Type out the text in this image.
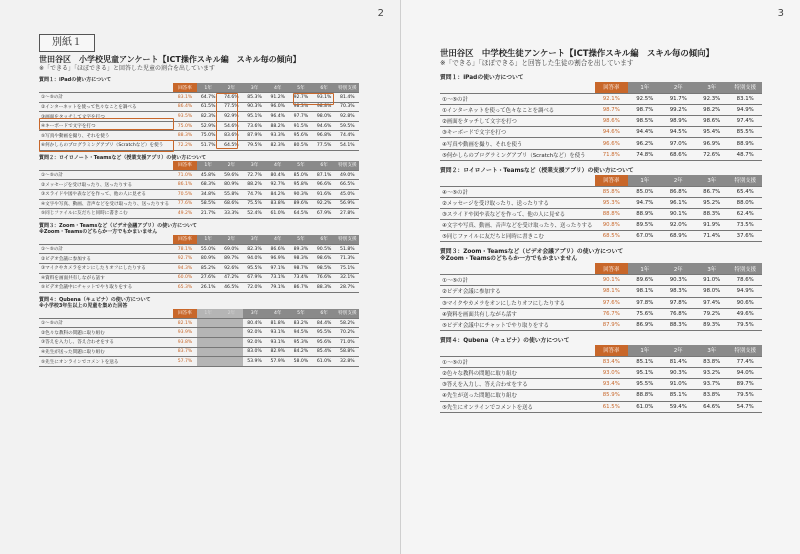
2
別紙１
世田谷区　小学校児童アンケート【ICT操作スキル編　スキル毎の傾向】
※「できる」「ほぼできる」と回答した児童の割合を出しています
質問１：iPadの使い方について
	回答率	1年	2年	3年	4年	5年	6年	特別支援
①～⑤の計	83.1%	64.7%	74.6%	85.3%	91.2%	92.7%	93.1%	81.4%
②インターネットを使って色々なことを調べる	86.4%	61.5%	77.5%	90.3%	96.0%	98.3%	98.8%	70.3%
③画面をタッチして文字を打つ	93.5%	82.3%	92.9%	95.1%	96.4%	97.7%	98.0%	92.8%
④キーボードで文字を打つ	75.0%	52.9%	54.6%	73.6%	88.2%	91.5%	94.6%	59.5%
⑤写真や動画を撮り、それを使う	88.3%	75.0%	83.6%	87.9%	93.3%	95.6%	96.8%	74.4%
⑥何かしらのプログラミングアプリ（Scratchなど）を使う	72.2%	51.7%	64.5%	79.5%	82.3%	80.5%	77.5%	54.1%
質問２：ロイロノート・Teamsなど（授業支援アプリ）の使い方について
	回答率	1年	2年	3年	4年	5年	6年	特別支援
①～⑤の計	71.0%	45.8%	59.6%	72.7%	80.4%	85.0%	87.1%	49.0%
②メッセージを受け取ったり、送ったりする	86.1%	68.3%	80.9%	88.2%	92.7%	95.8%	96.6%	66.5%
③スライドや図や表などを作って、他の人に見せる	70.5%	34.8%	55.8%	74.7%	84.2%	90.3%	91.6%	45.0%
④文字や写真、動画、音声などを受け取ったり、送ったりする	77.6%	58.5%	68.6%	75.5%	83.8%	89.6%	92.2%	56.9%
⑤同じファイルに友だちと同時に書きこむ	49.2%	21.7%	33.3%	52.4%	61.0%	64.5%	67.9%	27.8%
質問３：Zoom・Teamsなど（ビデオ会議アプリ）の使い方について
※Zoom・Teamsのどちらか一方でもかまいません
	回答率	1年	2年	3年	4年	5年	6年	特別支援
①～⑤の計	78.1%	55.0%	69.0%	82.3%	86.6%	89.3%	90.5%	51.8%
②ビデオ会議に参加する	92.7%	80.9%	89.7%	94.0%	96.9%	98.3%	98.6%	71.3%
③マイクやカメラをオンにしたりオフにしたりする	94.3%	85.2%	92.6%	95.5%	97.1%	98.7%	98.5%	75.1%
④資料を画面共有しながら話す	60.0%	27.6%	47.2%	67.9%	73.1%	73.4%	76.6%	32.1%
⑤ビデオ会議中にチャットでやり取りをする	65.3%	26.1%	46.5%	72.0%	79.1%	86.7%	88.3%	28.7%
質問４：Qubena（キュビナ）の使い方について
※小学校3年生以上の児童を集めた回答
	回答率	1年	2年	3年	4年	5年	6年	特別支援
①～⑤の計	82.1%			80.4%	81.8%	83.2%	84.4%	58.2%
②色々な教科の問題に取り組む	93.9%			92.0%	93.1%	94.5%	95.5%	70.2%
③答えを入力し、答え合わせをする	93.8%			92.0%	93.1%	95.3%	95.6%	71.0%
④先生が送った問題に取り組む	83.7%			83.0%	82.9%	84.2%	85.4%	58.8%
⑤先生にオンラインでコメントを送る	57.7%			53.9%	57.9%	58.0%	61.0%	32.8%
3
世田谷区　中学校生徒アンケート【ICT操作スキル編　スキル毎の傾向】
※「できる」「ほぼできる」と回答した生徒の割合を出しています
質問１：iPadの使い方について
	回答率	1年	2年	3年	特別支援
①～⑤の計	92.1%	92.5%	91.7%	92.3%	83.1%
①インターネットを使って色々なことを調べる	98.7%	98.7%	99.2%	98.2%	94.9%
②画面をタッチして文字を打つ	98.6%	98.5%	98.9%	98.6%	97.4%
③キーボードで文字を打つ	94.6%	94.4%	94.5%	95.4%	85.5%
④写真や動画を撮り、それを使う	96.6%	96.2%	97.0%	96.9%	88.9%
⑤何かしらのプログラミングアプリ（Scratchなど）を使う	71.8%	74.8%	68.6%	72.6%	48.7%
質問２：ロイロノート・Teamsなど（授業支援アプリ）の使い方について
	回答率	1年	2年	3年	特別支援
④～⑤の計	85.8%	85.0%	86.8%	86.7%	65.4%
②メッセージを受け取ったり、送ったりする	95.3%	94.7%	96.1%	95.2%	88.0%
③スライドや図や表などを作って、他の人に見せる	88.8%	88.9%	90.1%	88.3%	62.4%
④文字や写真、動画、音声などを受け取ったり、送ったりする	90.8%	89.5%	92.0%	91.9%	73.5%
⑤同じファイルに友だちと同時に書きこむ	68.5%	67.0%	68.9%	71.4%	37.6%
質問３：Zoom・Teamsなど（ビデオ会議アプリ）の使い方について
※Zoom・Teamsのどちらか一方でもかまいません
	回答率	1年	2年	3年	特別支援
①～⑤の計	90.1%	89.6%	90.3%	91.0%	78.6%
②ビデオ会議に参加する	98.1%	98.1%	98.3%	98.0%	94.9%
③マイクやカメラをオンにしたりオフにしたりする	97.6%	97.8%	97.8%	97.4%	90.6%
④資料を画面共有しながら話す	76.7%	75.6%	76.8%	79.2%	49.6%
⑤ビデオ会議中にチャットでやり取りをする	87.9%	86.9%	88.3%	89.3%	79.5%
質問４：Qubena（キュビナ）の使い方について
	回答率	1年	2年	3年	特別支援
①～⑤の計	83.4%	85.1%	81.4%	83.8%	77.4%
②色々な教科の問題に取り組む	93.0%	95.1%	90.3%	93.2%	94.0%
③答えを入力し、答え合わせをする	93.4%	95.5%	91.0%	93.7%	89.7%
④先生が送った問題に取り組む	85.9%	88.8%	85.1%	83.8%	79.5%
⑤先生にオンラインでコメントを送る	61.5%	61.0%	59.4%	64.6%	54.7%
